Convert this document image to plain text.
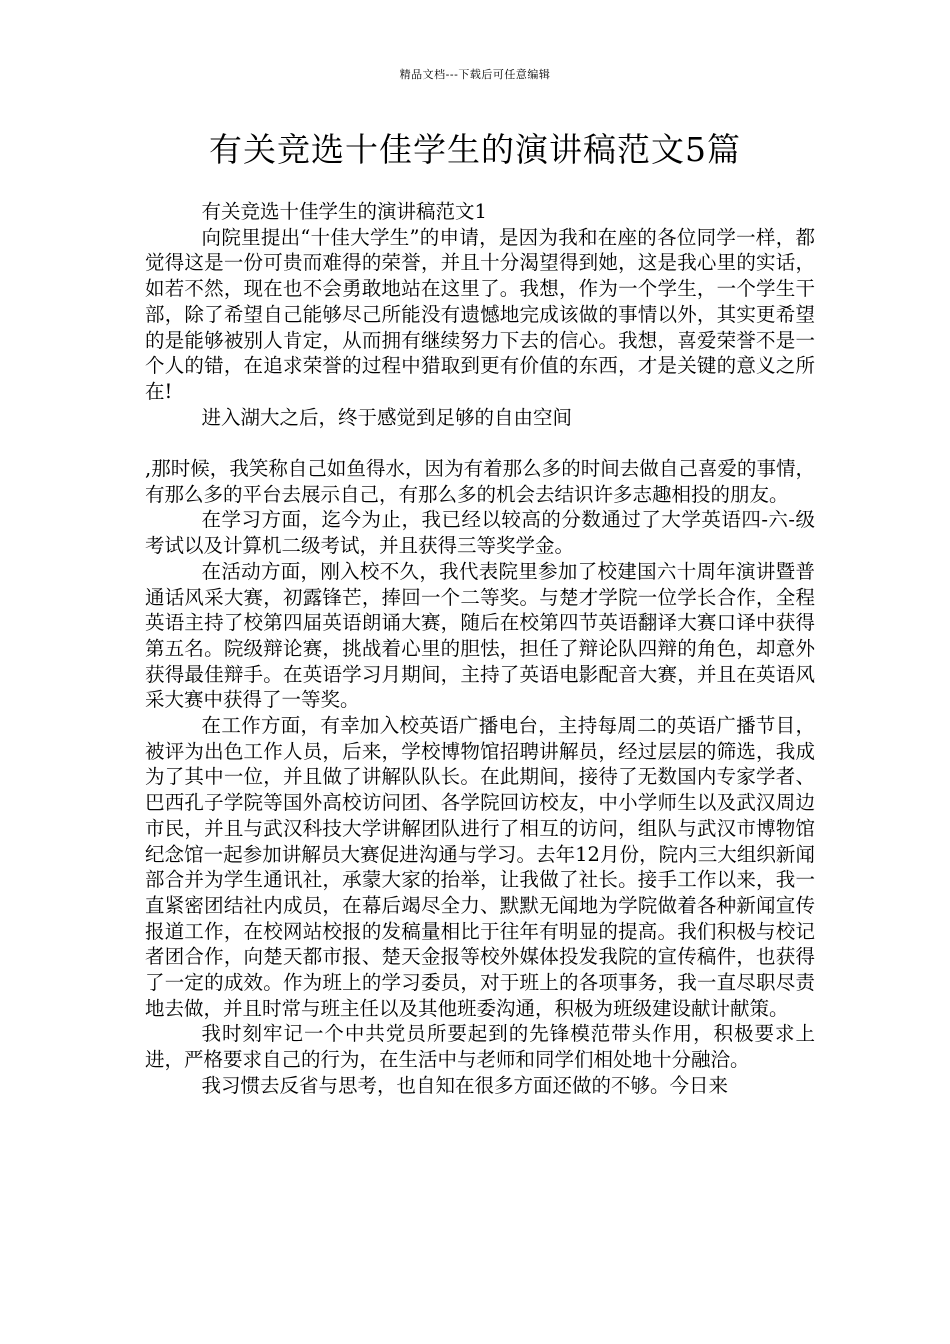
精品文档---下载后可任意编辑
有关竞选十佳学生的演讲稿范文5篇

有关竞选十佳学生的演讲稿范文1

向院里提出“十佳大学生”的申请，是因为我和在座的各位同学一样，都觉得这是一份可贵而难得的荣誉，并且十分渴望得到她，这是我心里的实话，如若不然，现在也不会勇敢地站在这里了。我想，作为一个学生，一个学生干部，除了希望自己能够尽己所能没有遗憾地完成该做的事情以外，其实更希望的是能够被别人肯定，从而拥有继续努力下去的信心。我想，喜爱荣誉不是一个人的错，在追求荣誉的过程中猎取到更有价值的东西，才是关键的意义之所在!

进入湖大之后，终于感觉到足够的自由空间

,那时候，我笑称自己如鱼得水，因为有着那么多的时间去做自己喜爱的事情，有那么多的平台去展示自己，有那么多的机会去结识许多志趣相投的朋友。

在学习方面，迄今为止，我已经以较高的分数通过了大学英语四-六-级考试以及计算机二级考试，并且获得三等奖学金。

在活动方面，刚入校不久，我代表院里参加了校建国六十周年演讲暨普通话风采大赛，初露锋芒，捧回一个二等奖。与楚才学院一位学长合作，全程英语主持了校第四届英语朗诵大赛，随后在校第四节英语翻译大赛口译中获得第五名。院级辩论赛，挑战着心里的胆怯，担任了辩论队四辩的角色，却意外获得最佳辩手。在英语学习月期间，主持了英语电影配音大赛，并且在英语风采大赛中获得了一等奖。

在工作方面，有幸加入校英语广播电台，主持每周二的英语广播节目，被评为出色工作人员，后来，学校博物馆招聘讲解员，经过层层的筛选，我成为了其中一位，并且做了讲解队队长。在此期间，接待了无数国内专家学者、巴西孔子学院等国外高校访问团、各学院回访校友，中小学师生以及武汉周边市民，并且与武汉科技大学讲解团队进行了相互的访问，组队与武汉市博物馆纪念馆一起参加讲解员大赛促进沟通与学习。去年12月份，院内三大组织新闻部合并为学生通讯社，承蒙大家的抬举，让我做了社长。接手工作以来，我一直紧密团结社内成员，在幕后竭尽全力、默默无闻地为学院做着各种新闻宣传报道工作，在校网站校报的发稿量相比于往年有明显的提高。我们积极与校记者团合作，向楚天都市报、楚天金报等校外媒体投发我院的宣传稿件，也获得了一定的成效。作为班上的学习委员，对于班上的各项事务，我一直尽职尽责地去做，并且时常与班主任以及其他班委沟通，积极为班级建设献计献策。

我时刻牢记一个中共党员所要起到的先锋模范带头作用，积极要求上进，严格要求自己的行为，在生活中与老师和同学们相处地十分融洽。

我习惯去反省与思考，也自知在很多方面还做的不够。今日来
